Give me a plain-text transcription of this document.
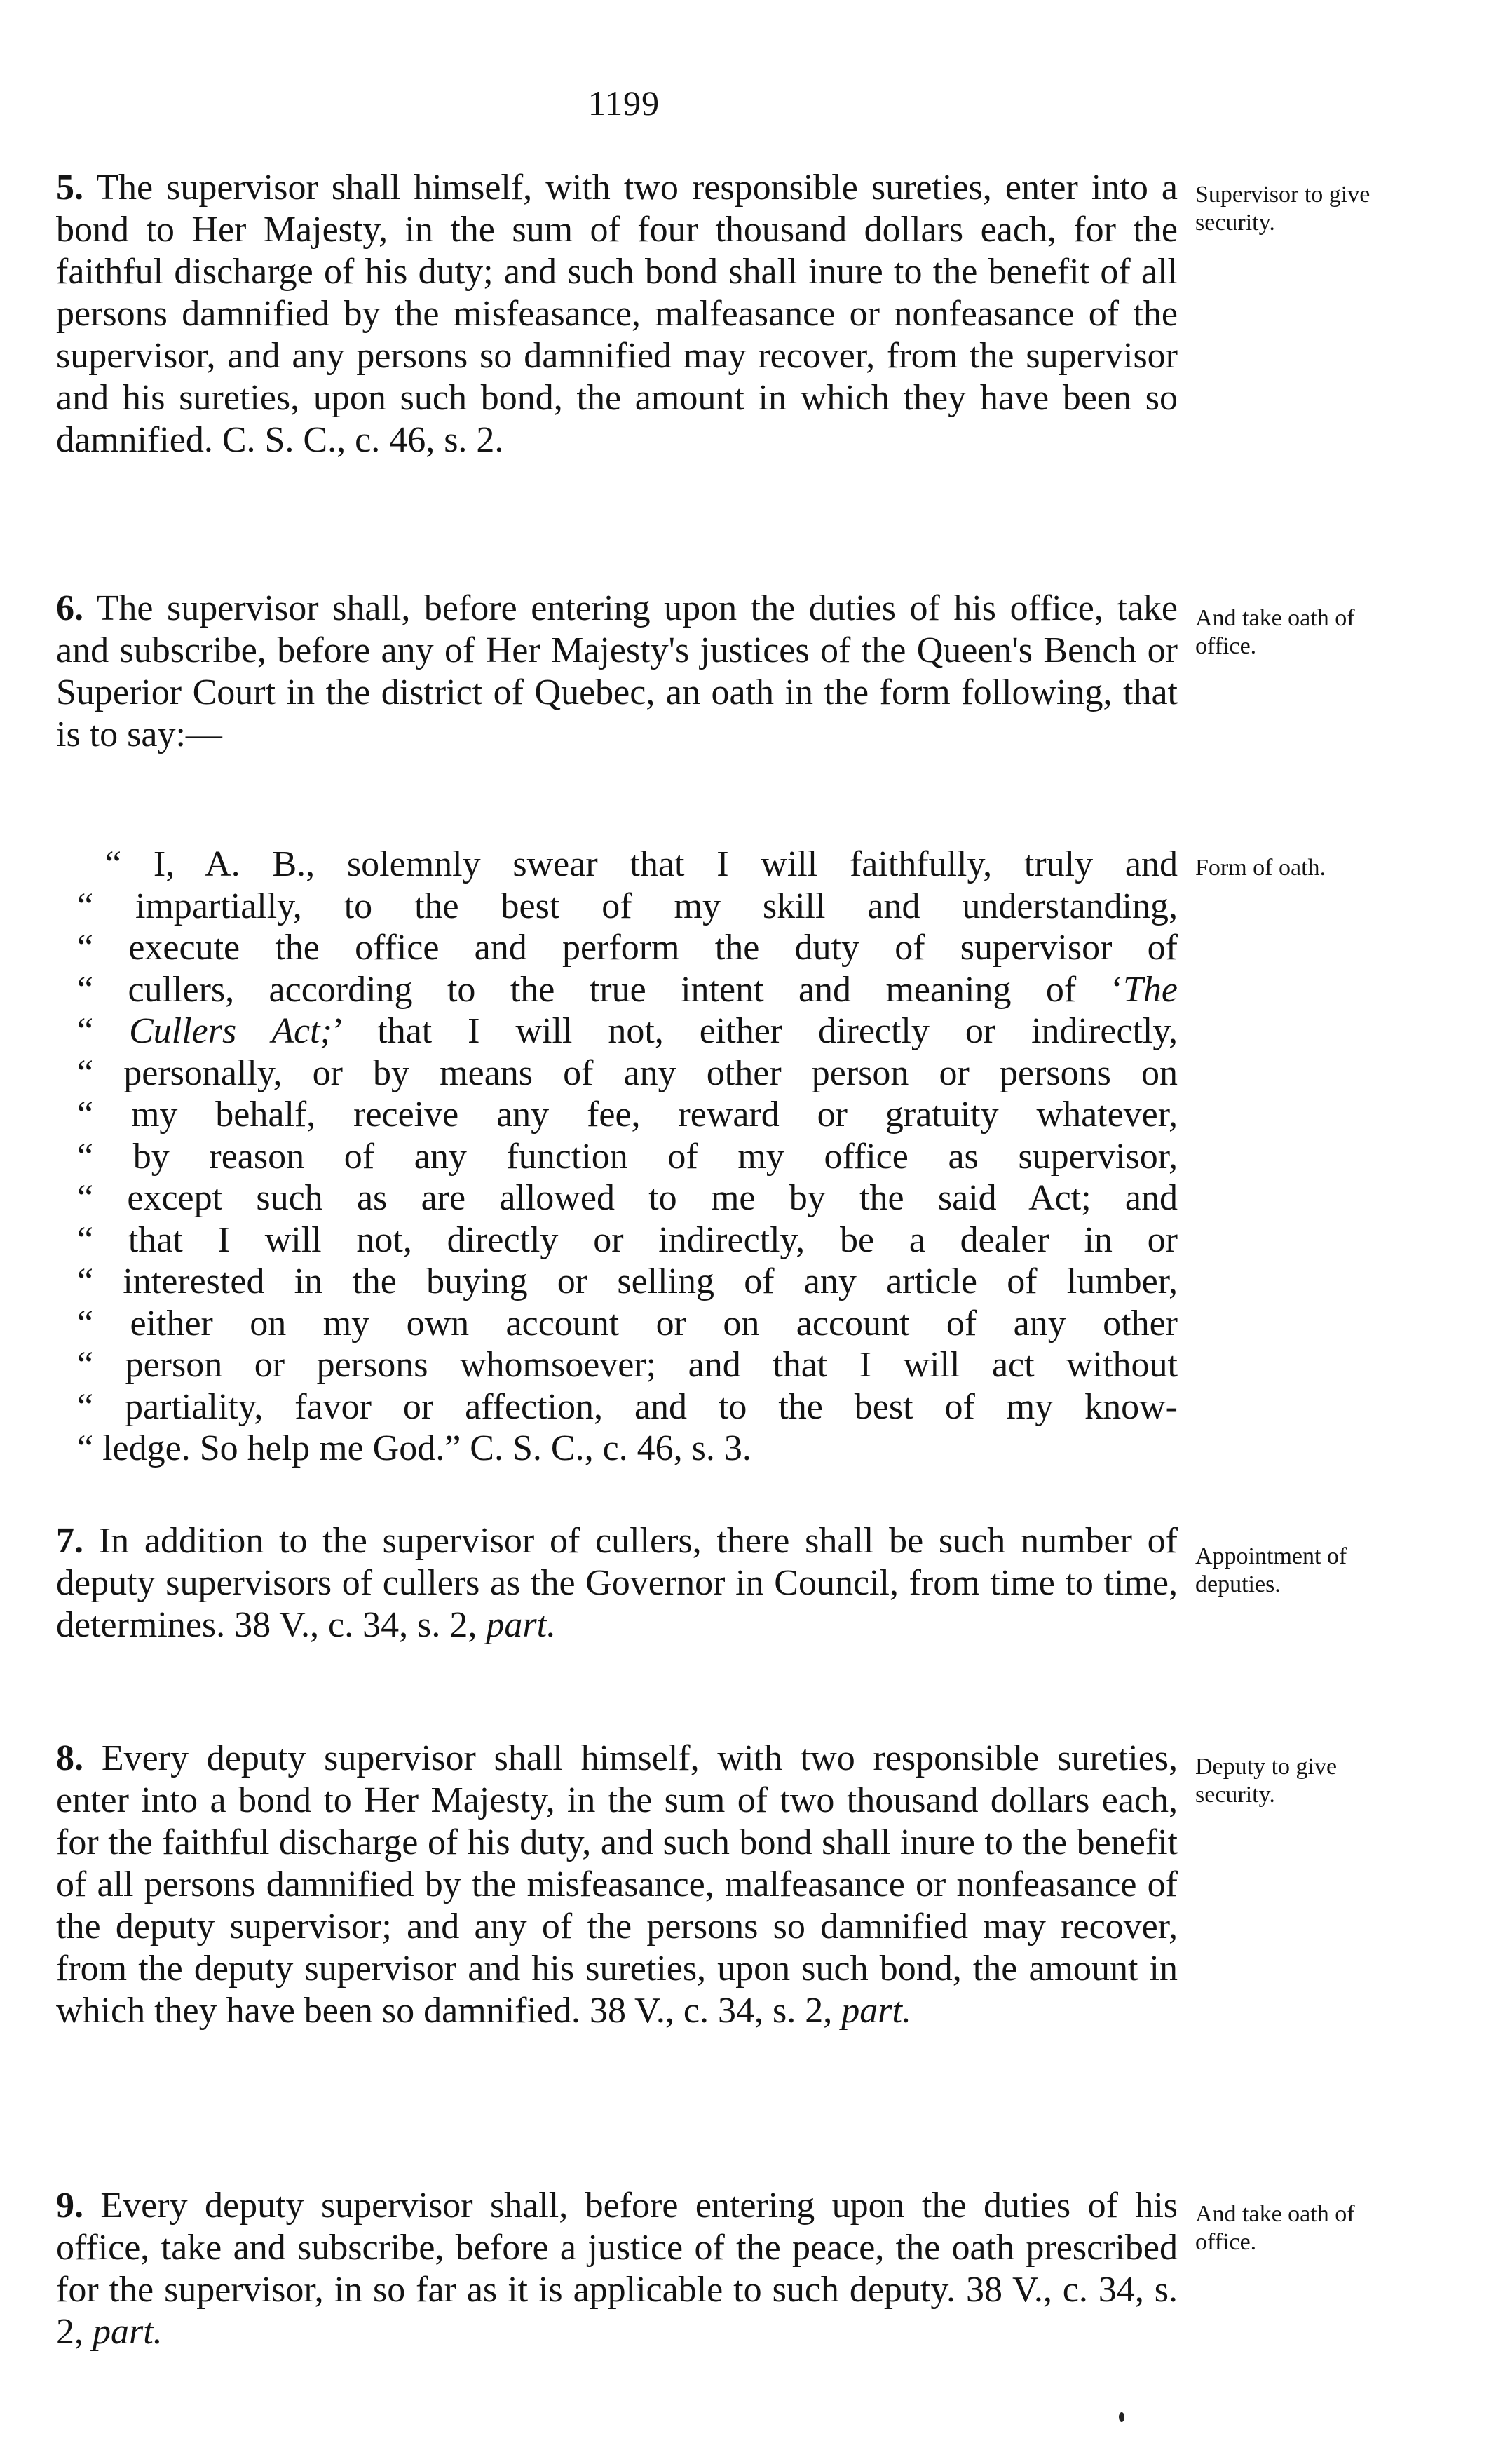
1199

5. The supervisor shall himself, with two responsible sureties, enter into a bond to Her Majesty, in the sum of four thousand dollars each, for the faithful discharge of his duty; and such bond shall inure to the benefit of all persons damnified by the misfeasance, malfeasance or nonfeasance of the supervisor, and any persons so damnified may recover, from the supervisor and his sureties, upon such bond, the amount in which they have been so damnified. C. S. C., c. 46, s. 2.

Supervisor to give security.

6. The supervisor shall, before entering upon the duties of his office, take and subscribe, before any of Her Majesty's justices of the Queen's Bench or Superior Court in the district of Quebec, an oath in the form following, that is to say:—

And take oath of office.

“ I, A. B., solemnly swear that I will faithfully, truly and

“ impartially, to the best of my skill and understanding,

“ execute the office and perform the duty of supervisor of

“ cullers, according to the true intent and meaning of ‘The

“ Cullers Act;’ that I will not, either directly or indirectly,

“ personally, or by means of any other person or persons on

“ my behalf, receive any fee, reward or gratuity whatever,

“ by reason of any function of my office as supervisor,

“ except such as are allowed to me by the said Act; and

“ that I will not, directly or indirectly, be a dealer in or

“ interested in the buying or selling of any article of lumber,

“ either on my own account or on account of any other

“ person or persons whomsoever; and that I will act without

“ partiality, favor or affection, and to the best of my know-

“ ledge. So help me God.” C. S. C., c. 46, s. 3.

Form of oath.

7. In addition to the supervisor of cullers, there shall be such number of deputy supervisors of cullers as the Governor in Council, from time to time, determines. 38 V., c. 34, s. 2, part.

Appointment of deputies.

8. Every deputy supervisor shall himself, with two responsible sureties, enter into a bond to Her Majesty, in the sum of two thousand dollars each, for the faithful discharge of his duty, and such bond shall inure to the benefit of all persons damnified by the misfeasance, malfeasance or nonfeasance of the deputy supervisor; and any of the persons so damnified may recover, from the deputy supervisor and his sureties, upon such bond, the amount in which they have been so damnified. 38 V., c. 34, s. 2, part.

Deputy to give security.

9. Every deputy supervisor shall, before entering upon the duties of his office, take and subscribe, before a justice of the peace, the oath prescribed for the supervisor, in so far as it is applicable to such deputy. 38 V., c. 34, s. 2, part.

And take oath of office.
